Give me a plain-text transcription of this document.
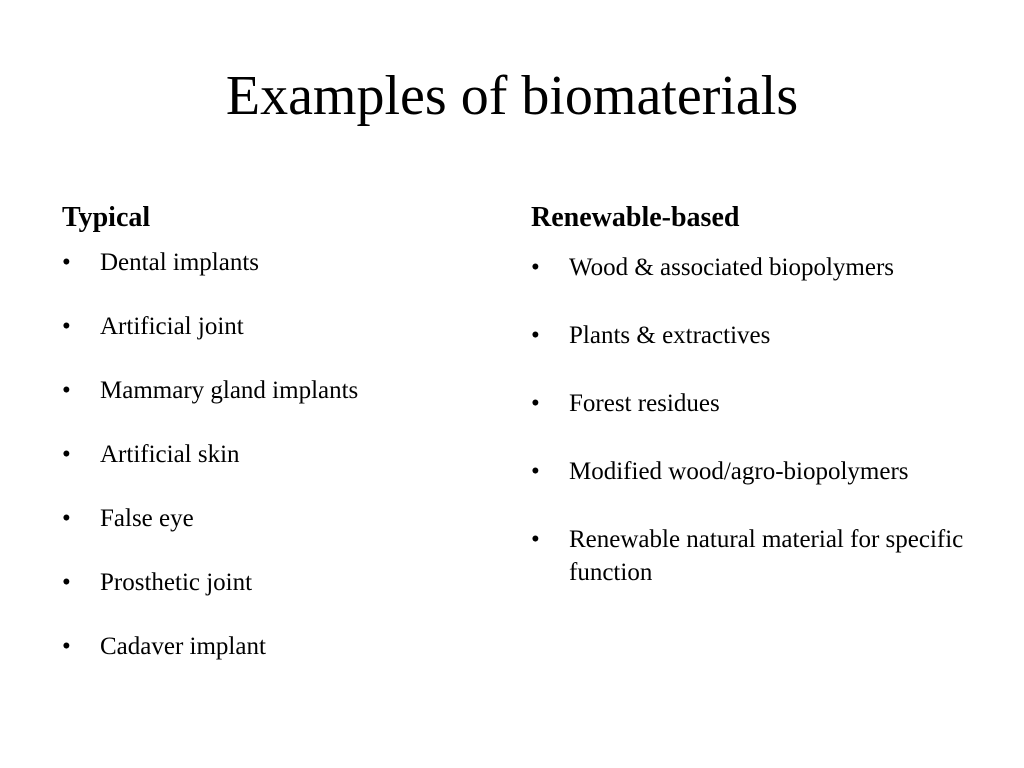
Examples of biomaterials
Typical
• Dental implants
• Artificial joint
• Mammary gland implants
• Artificial skin
• False eye
• Prosthetic joint
• Cadaver implant
Renewable-based
• Wood & associated biopolymers
• Plants & extractives
• Forest residues
• Modified wood/agro-biopolymers
• Renewable natural material for specific function
